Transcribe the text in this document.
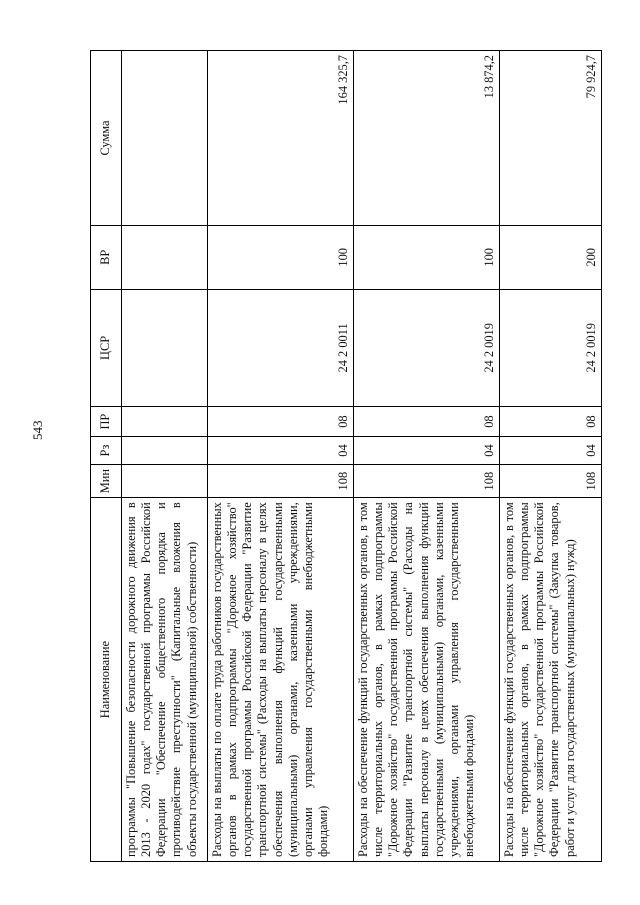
543
Наименование	Мин	Рз	ПР	ЦСР	ВР	Сумма
программы "Повышение безопасности дорожного движения в 2013 - 2020 годах" государственной программы Российской Федерации "Обеспечение общественного порядка и противодействие преступности" (Капитальные вложения в объекты государственной (муниципальной) собственности)						
Расходы на выплаты по оплате труда работников государственных органов в рамках подпрограммы "Дорожное хозяйство" государственной программы Российской Федерации "Развитие транспортной системы" (Расходы на выплаты персоналу в целях обеспечения выполнения функций государственными (муниципальными) органами, казенными учреждениями, органами управления государственными внебюджетными фондами)	108	04	08	24 2 0011	100	164 325,7
Расходы на обеспечение функций государственных органов, в том числе территориальных органов, в рамках подпрограммы "Дорожное хозяйство" государственной программы Российской Федерации "Развитие транспортной системы" (Расходы на выплаты персоналу в целях обеспечения выполнения функций государственными (муниципальными) органами, казенными учреждениями, органами управления государственными внебюджетными фондами)	108	04	08	24 2 0019	100	13 874,2
Расходы на обеспечение функций государственных органов, в том числе территориальных органов, в рамках подпрограммы "Дорожное хозяйство" государственной программы Российской Федерации "Развитие транспортной системы" (Закупка товаров, работ и услуг для государственных (муниципальных) нужд)	108	04	08	24 2 0019	200	79 924,7
